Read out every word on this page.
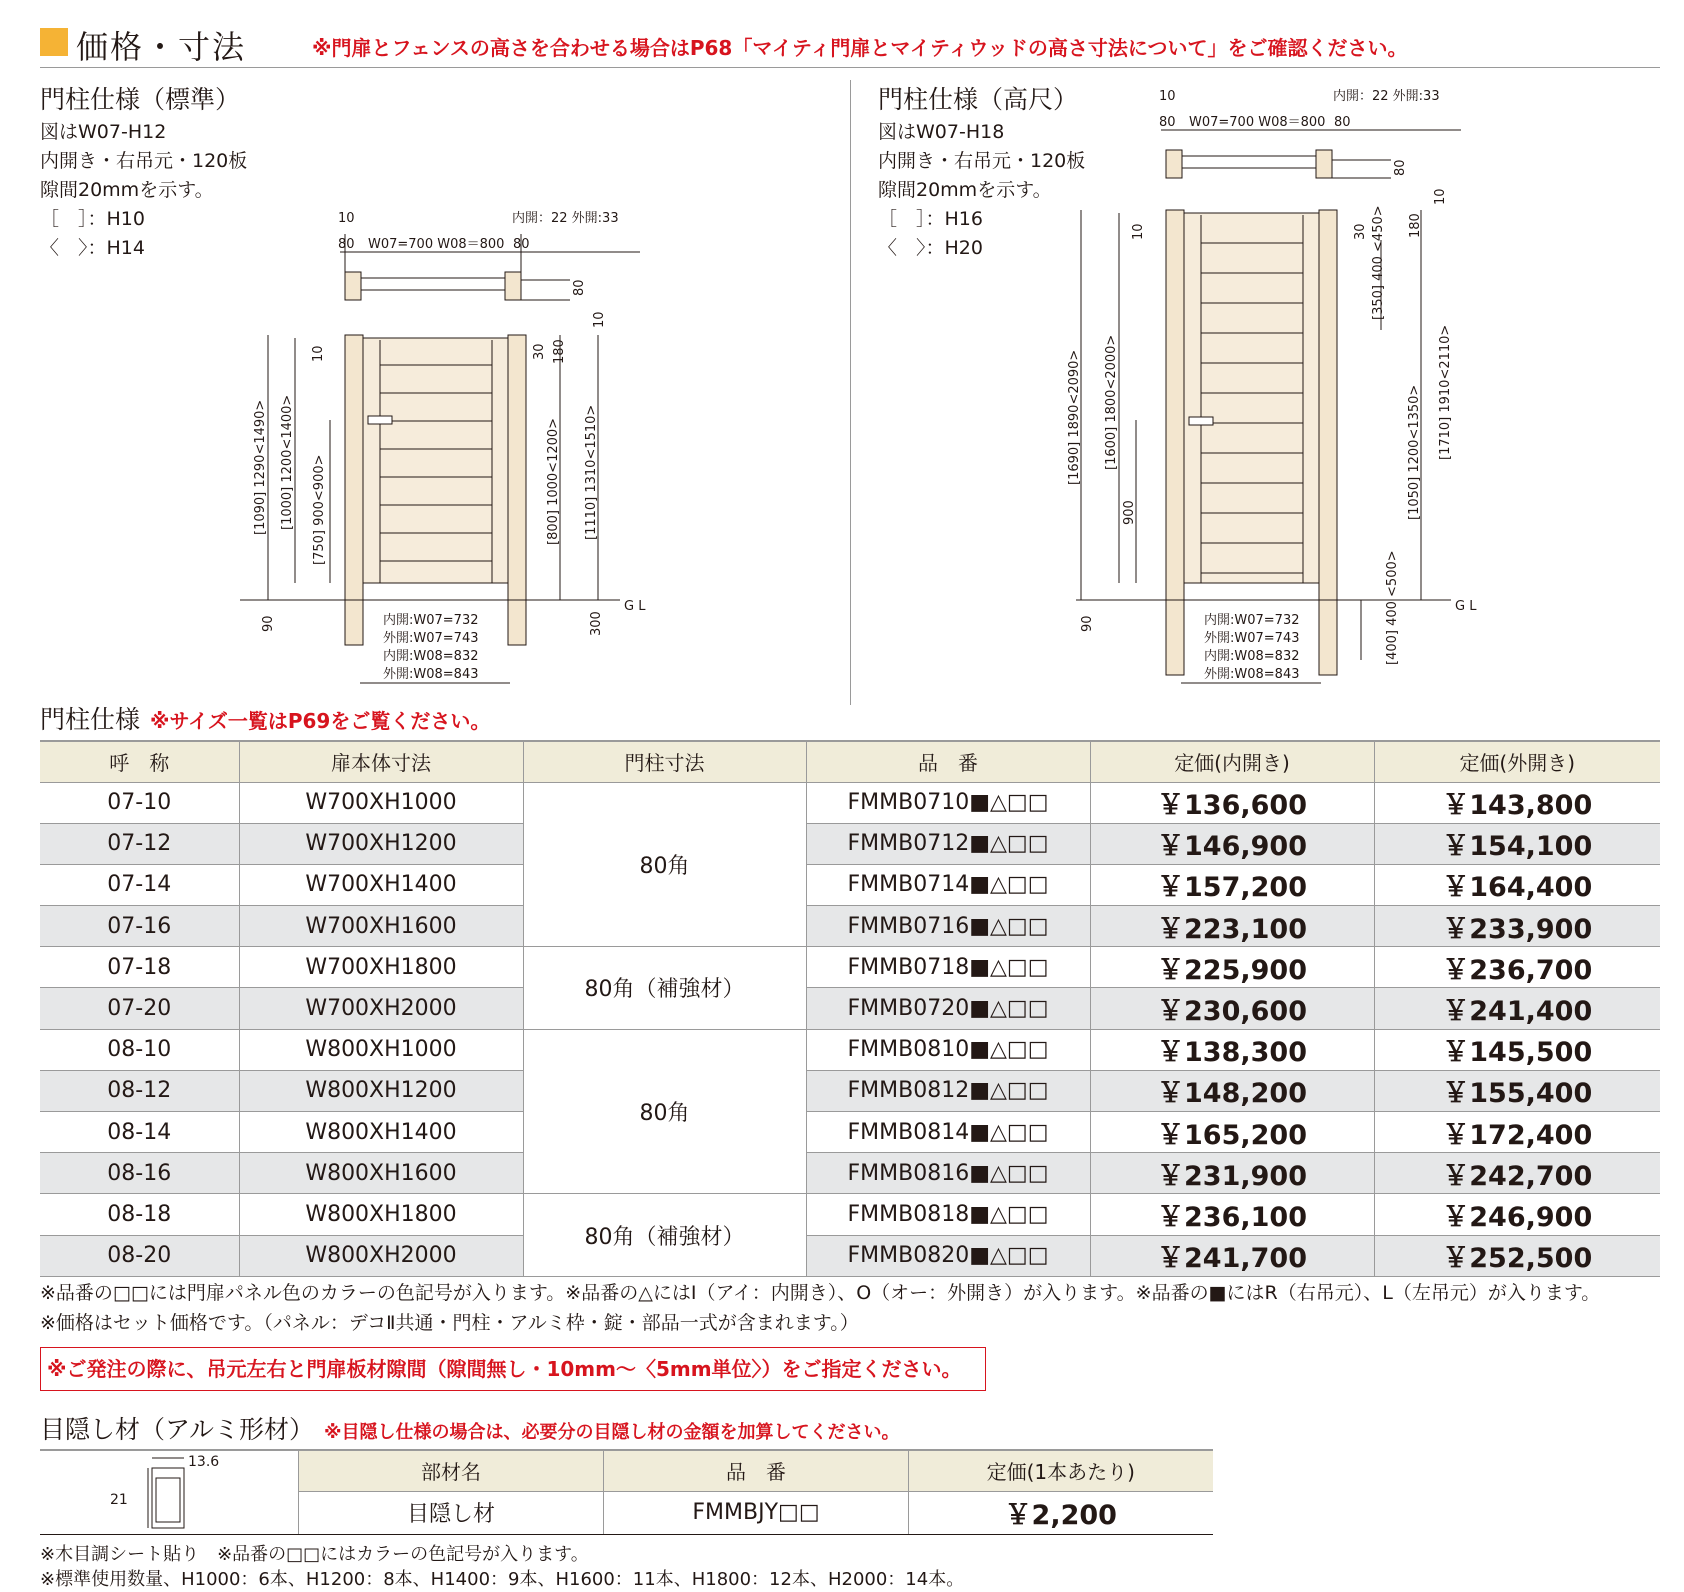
価格・寸法	※門扉とフェンスの高さを合わせる場合はP68「マイティ門扉とマイティウッドの高さ寸法について」をご確認ください。
門柱仕様（標準）
図はW07-H12
内開き・右吊元・120板
隙間20mmを示す。
［　］：H10
〈　〉：H14
門柱仕様（高尺）
図はW07-H18
内開き・右吊元・120板
隙間20mmを示す。
［　］：H16
〈　〉：H20
10
80 W07=700 W08＝800 80
内開：22 外開:33
80
10
10	30 180
[1090] 1290<1490> [1000] 1200<1400> [750] 900<900>	[800] 1000<1200> [1110] 1310<1510>
90	300
G L
内開:W07=732
外開:W07=743
内開:W08=832
外開:W08=843
10
80 W07=700 W08＝800 80
内開：22 外開:33
80
10
10	30	180
[350] 400 <450>
[1690] 1890<2090> [1600] 1800<2000>
900	[1050] 1200<1350> [1710] 1910<2110>
90	[400] 400 <500>	G L
内開:W07=732
外開:W07=743
内開:W08=832
外開:W08=843
門柱仕様 ※サイズ一覧はP69をご覧ください。
呼　称	扉本体寸法	門柱寸法	品　番	定価(内開き)	定価(外開き)
07-10	W700XH1000	80角	FMMB0710■△□□	￥136,600	￥143,800
07-12	W700XH1200		FMMB0712■△□□	￥146,900	￥154,100
07-14	W700XH1400		FMMB0714■△□□	￥157,200	￥164,400
07-16	W700XH1600		FMMB0716■△□□	￥223,100	￥233,900
07-18	W700XH1800	80角（補強材）	FMMB0718■△□□	￥225,900	￥236,700
07-20	W700XH2000		FMMB0720■△□□	￥230,600	￥241,400
08-10	W800XH1000	80角	FMMB0810■△□□	￥138,300	￥145,500
08-12	W800XH1200		FMMB0812■△□□	￥148,200	￥155,400
08-14	W800XH1400		FMMB0814■△□□	￥165,200	￥172,400
08-16	W800XH1600		FMMB0816■△□□	￥231,900	￥242,700
08-18	W800XH1800	80角（補強材）	FMMB0818■△□□	￥236,100	￥246,900
08-20	W800XH2000		FMMB0820■△□□	￥241,700	￥252,500
※品番の□□には門扉パネル色のカラーの色記号が入ります。※品番の△にはI（アイ：内開き）、O（オー：外開き）が入ります。※品番の■にはR（右吊元）、L（左吊元）が入ります。
※価格はセット価格です。（パネル：デコⅡ共通・門柱・アルミ枠・錠・部品一式が含まれます。）
※ご発注の際に、吊元左右と門扉板材隙間（隙間無し・10mm〜〈5mm単位〉）をご指定ください。
目隠し材（アルミ形材） ※目隠し仕様の場合は、必要分の目隠し材の金額を加算してください。
13.6
21
部材名	品　番	定価(1本あたり)
目隠し材	FMMBJY□□	￥2,200
※木目調シート貼り　※品番の□□にはカラーの色記号が入ります。
※標準使用数量、H1000：6本、H1200：8本、H1400：9本、H1600：11本、H1800：12本、H2000：14本。
